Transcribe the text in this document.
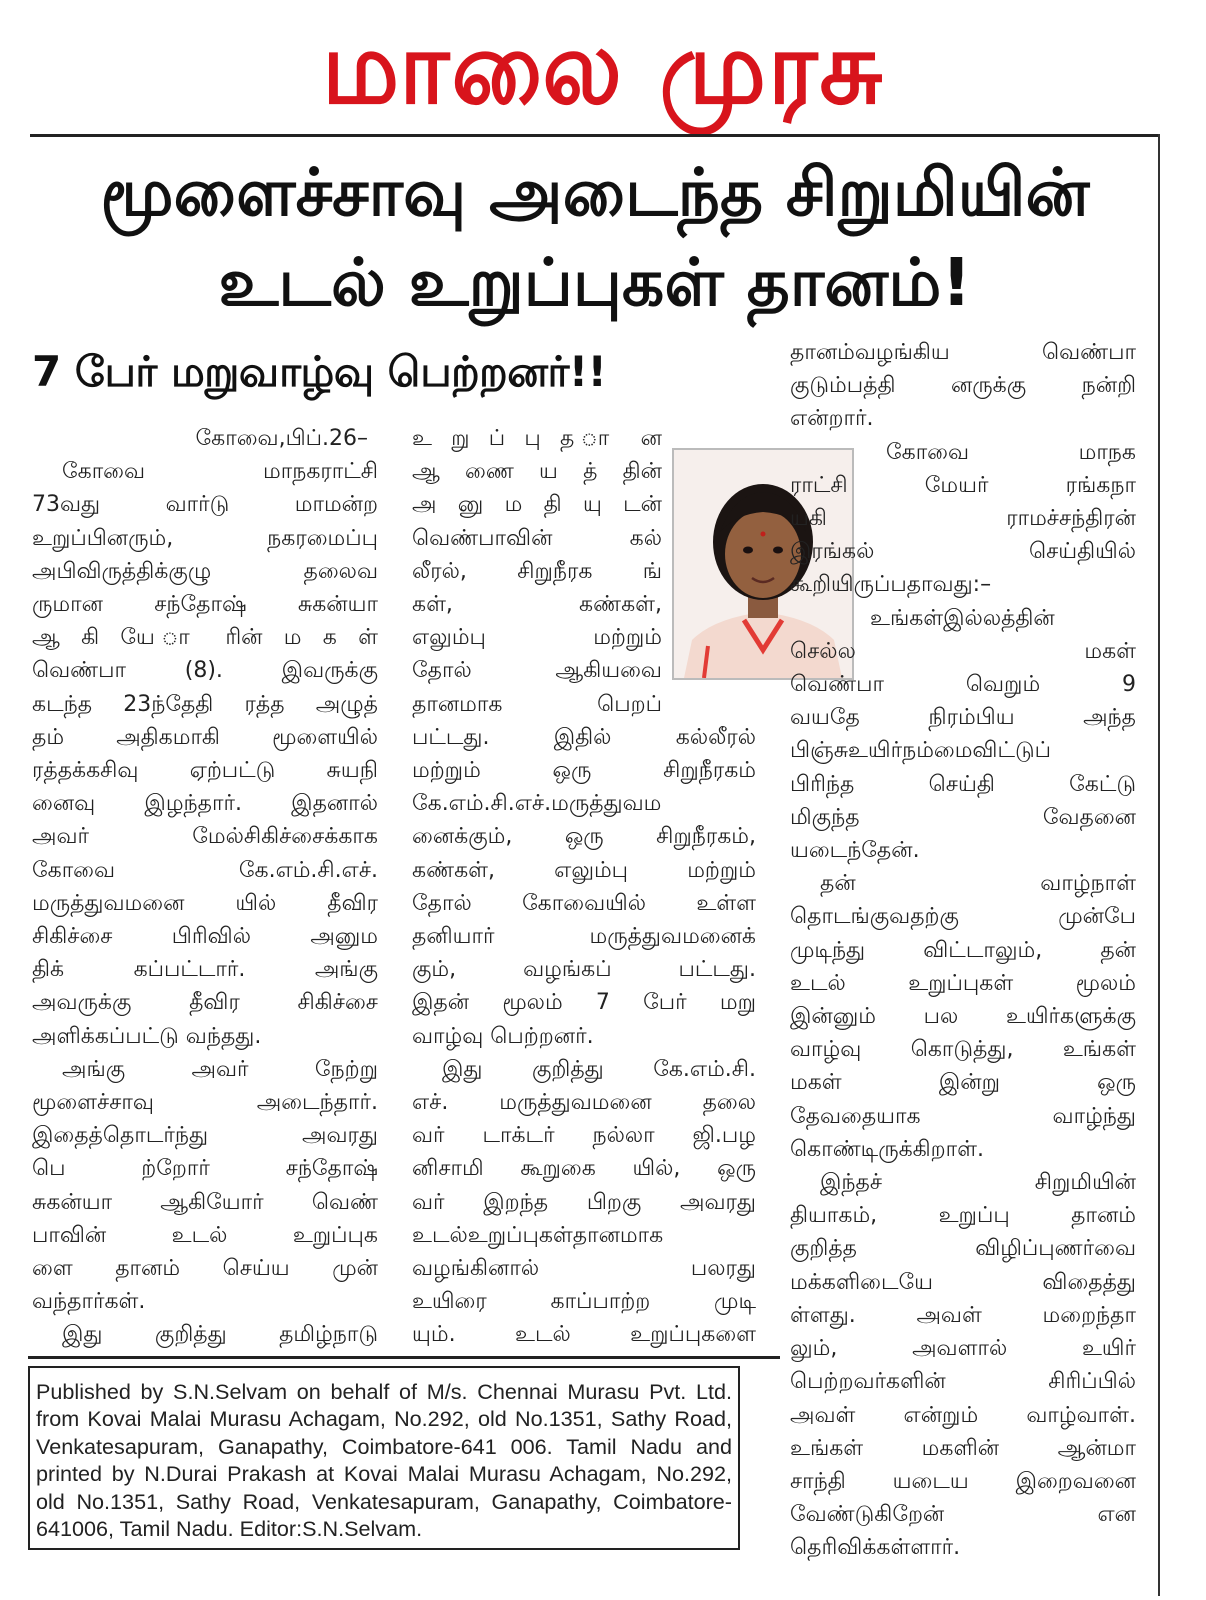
மாலை முரசு
மூளைச்சாவு அடைந்த சிறுமியின்
உடல் உறுப்புகள் தானம்!
7 பேர் மறுவாழ்வு பெற்றனர்!!
கோவை,பிப்.26–
கோவை மாநகராட்சி
73வது வார்டு மாமன்ற
உறுப்பினரும், நகரமைப்பு
அபிவிருத்திக்குழு தலைவ
ருமான சந்தோஷ் சுகன்யா
ஆ கி யே ா ரின் ம க ள்
வெண்பா (8). இவருக்கு
கடந்த 23ந்தேதி ரத்த அழுத்
தம் அதிகமாகி மூளையில்
ரத்தக்கசிவு ஏற்பட்டு சுயநி
னைவு இழந்தார். இதனால்
அவர் மேல்சிகிச்சைக்காக
கோவை கே.எம்.சி.எச்.
மருத்துவமனை யில் தீவிர
சிகிச்சை பிரிவில் அனும
திக் கப்பட்டார். அங்கு
அவருக்கு தீவிர சிகிச்சை
அளிக்கப்பட்டு வந்தது.
அங்கு அவர் நேற்று
மூளைச்சாவு அடைந்தார்.
இதைத்தொடர்ந்து அவரது
பெ ற்றோர் சந்தோஷ்
சுகன்யா ஆகியோர் வெண்
பாவின் உடல் உறுப்புக
ளை தானம் செய்ய முன்
வந்தார்கள்.
இது குறித்து தமிழ்நாடு
உ று ப் பு த ா ன
ஆ ணை ய த் தின்
அ னு ம தி யு டன்
வெண்பாவின் கல்
லீரல், சிறுநீரக ங்
கள், கண்கள்,
எலும்பு மற்றும்
தோல் ஆகியவை
தானமாக பெறப்
பட்டது. இதில் கல்லீரல்
மற்றும் ஒரு சிறுநீரகம்
கே.எம்.சி.எச்.மருத்துவம
னைக்கும், ஒரு சிறுநீரகம்,
கண்கள், எலும்பு மற்றும்
தோல் கோவையில் உள்ள
தனியார் மருத்துவமனைக்
கும், வழங்கப் பட்டது.
இதன் மூலம் 7 பேர் மறு
வாழ்வு பெற்றனர்.
இது குறித்து கே.எம்.சி.
எச். மருத்துவமனை தலை
வர் டாக்டர் நல்லா ஜி.பழ
னிசாமி கூறுகை யில், ஒரு
வர் இறந்த பிறகு அவரது
உடல்உறுப்புகள்தானமாக
வழங்கினால் பலரது
உயிரை காப்பாற்ற முடி
யும். உடல் உறுப்புகளை
தானம்வழங்கிய வெண்பா
குடும்பத்தி னருக்கு நன்றி
என்றார்.
கோவை மாநக
ராட்சி மேயர் ரங்கநா
யகி ராமச்சந்திரன்
இரங்கல் செய்தியில்
கூறியிருப்பதாவது:–
உங்கள்இல்லத்தின்
செல்ல மகள்
வெண்பா வெறும் 9
வயதே நிரம்பிய அந்த
பிஞ்சுஉயிர்நம்மைவிட்டுப்
பிரிந்த செய்தி கேட்டு
மிகுந்த வேதனை
யடைந்தேன்.
தன் வாழ்நாள்
தொடங்குவதற்கு முன்பே
முடிந்து விட்டாலும், தன்
உடல் உறுப்புகள் மூலம்
இன்னும் பல உயிர்களுக்கு
வாழ்வு கொடுத்து, உங்கள்
மகள் இன்று ஒரு
தேவதையாக வாழ்ந்து
கொண்டிருக்கிறாள்.
இந்தச் சிறுமியின்
தியாகம், உறுப்பு தானம்
குறித்த விழிப்புணர்வை
மக்களிடையே விதைத்து
ள்ளது. அவள் மறைந்தா
லும், அவளால் உயிர்
பெற்றவர்களின் சிரிப்பில்
அவள் என்றும் வாழ்வாள்.
உங்கள் மகளின் ஆன்மா
சாந்தி யடைய இறைவனை
வேண்டுகிறேன் என
தெரிவிக்கள்ளார்.
Published by S.N.Selvam on behalf of M/s. Chennai Murasu Pvt. Ltd. from Kovai Malai Murasu Achagam, No.292, old No.1351, Sathy Road, Venkatesapuram, Ganapathy, Coimbatore-641 006. Tamil Nadu and printed by N.Durai Prakash at Kovai Malai Murasu Achagam, No.292, old No.1351, Sathy Road, Venkatesapuram, Ganapathy, Coimbatore-641006, Tamil Nadu. Editor:S.N.Selvam.
